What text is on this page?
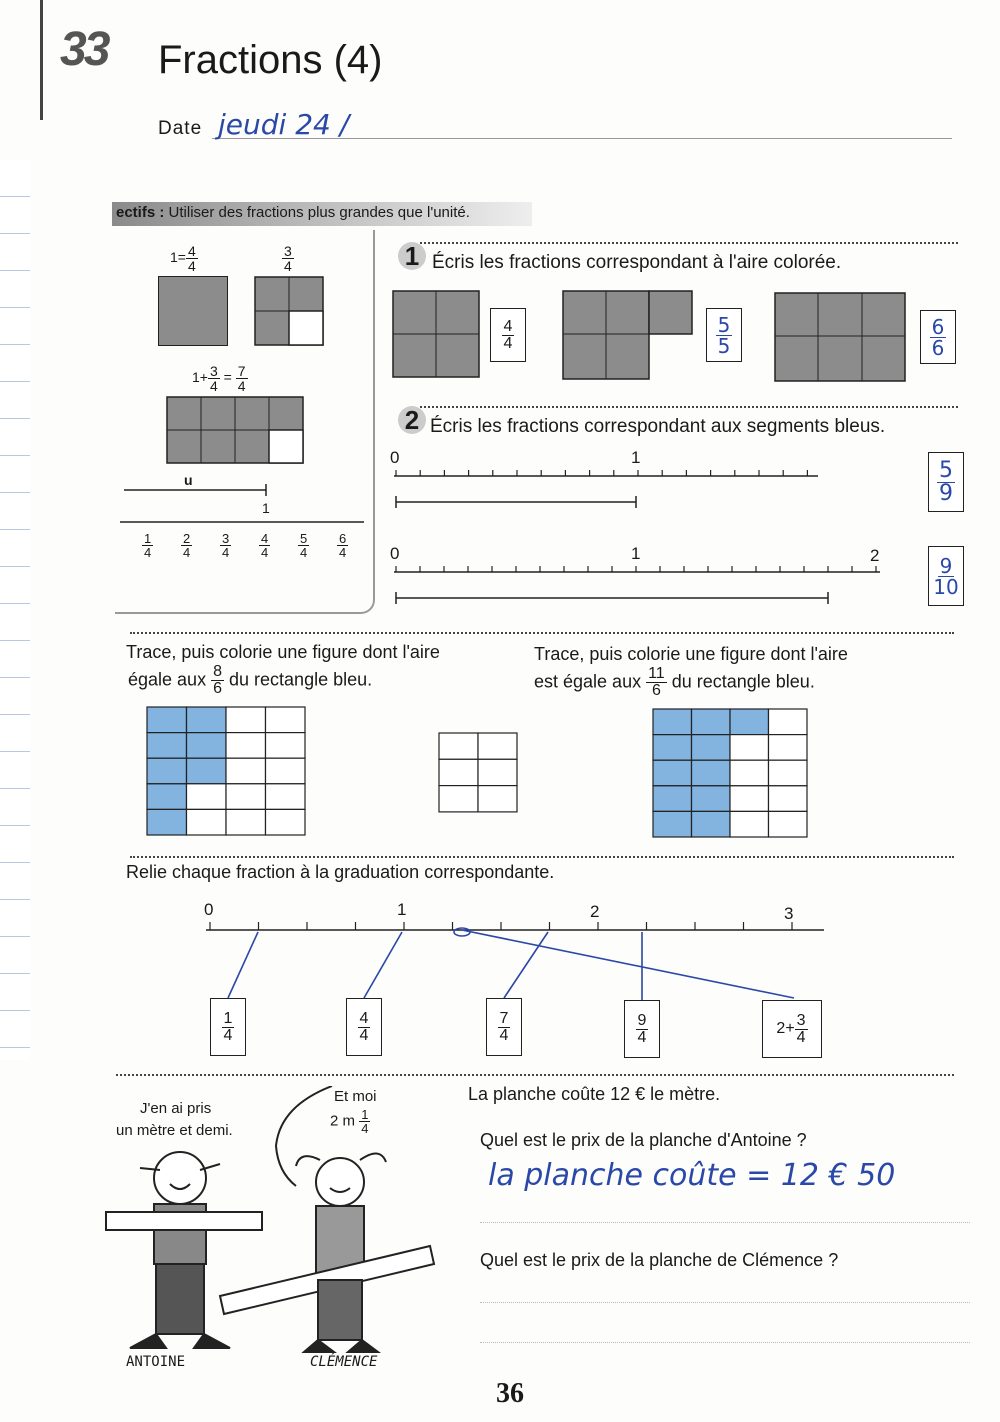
33 Fractions (4)
Date jeudi 24 /
ectifs : Utiliser des fractions plus grandes que l'unité.
$1= \frac{4}{4}$	$\frac{3}{4}$
$1+ \frac{3}{4} = \frac{7}{4}$
u
1
$\frac{1}{4} \frac{2}{4} \frac{3}{4} \frac{4}{4} \frac{5}{4} \frac{6}{4}$
1 Écris les fractions correspondant à l'aire colorée.
$\frac{4}{4}$	$\frac{5}{5}$	$\frac{6}{6}$
2 Écris les fractions correspondant aux segments bleus.
0	1
0	1	2
$\frac{5}{9}$
$\frac{9}{10}$
Trace, puis colorie une figure dont l'aire
égale aux $\frac{8}{6}$ du rectangle bleu.
Trace, puis colorie une figure dont l'aire
est égale aux $\frac{11}{6}$ du rectangle bleu.
Relie chaque fraction à la graduation correspondante.
0	1	2	3
$\frac{1}{4}$	$\frac{4}{4}$	$\frac{7}{4}$	$\frac{9}{4}$	$2+ \frac{3}{4}$
J'en ai pris
un mètre et demi.
Et moi
2 m $\frac{1}{4}$
ANTOINE	CLÉMENCE
La planche coûte 12 € le mètre.
Quel est le prix de la planche d'Antoine ?
la planche coûte = 12 € 50
Quel est le prix de la planche de Clémence ?
36
